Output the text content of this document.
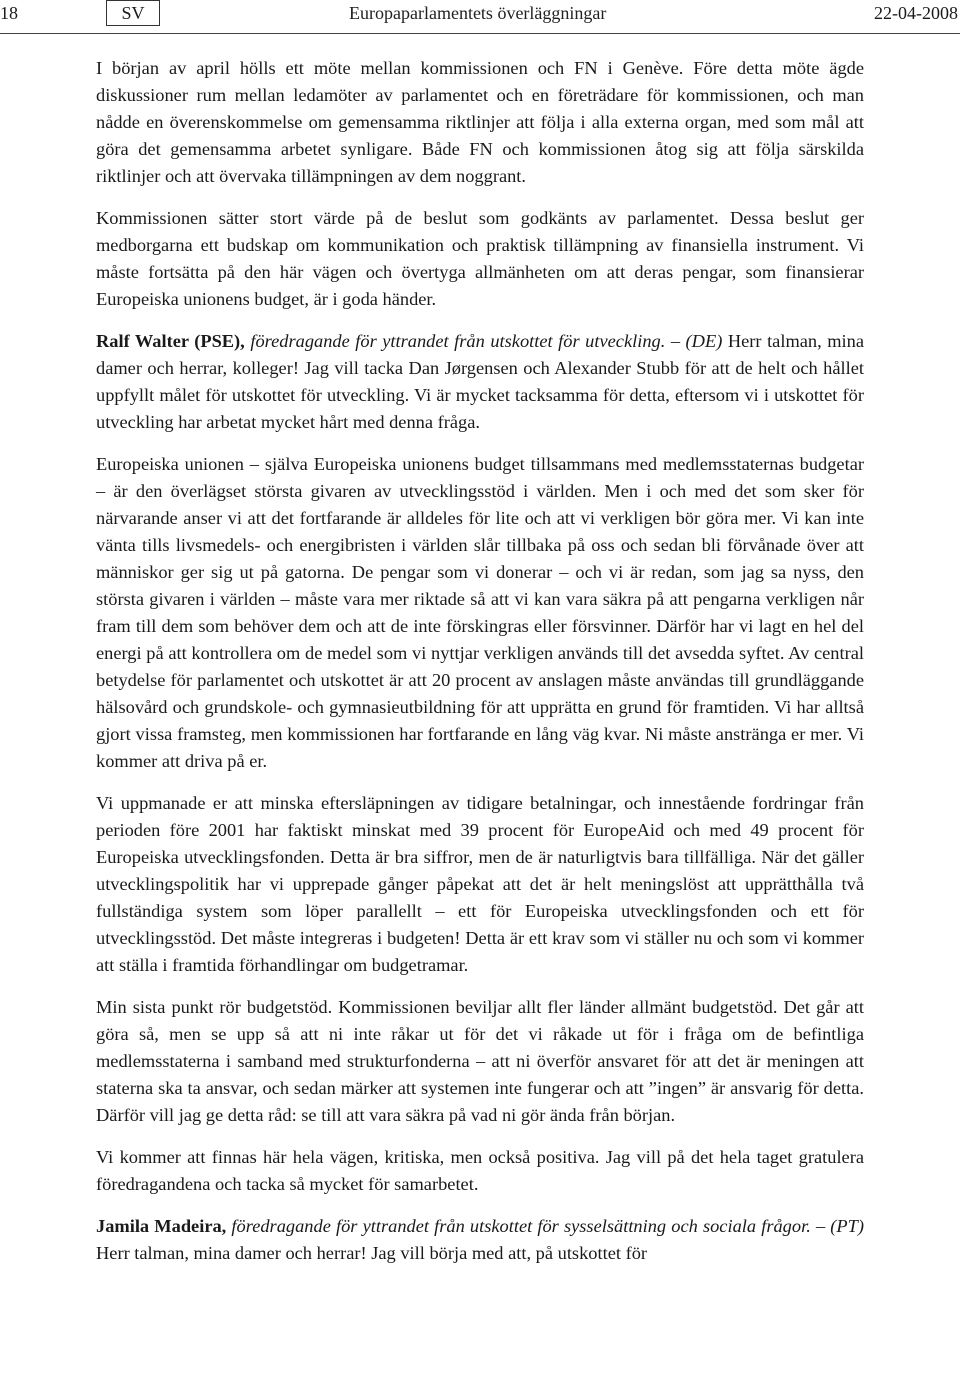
18	SV	Europaparlamentets överläggningar	22-04-2008

I början av april hölls ett möte mellan kommissionen och FN i Genève. Före detta möte ägde diskussioner rum mellan ledamöter av parlamentet och en företrädare för kommissionen, och man nådde en överenskommelse om gemensamma riktlinjer att följa i alla externa organ, med som mål att göra det gemensamma arbetet synligare. Både FN och kommissionen åtog sig att följa särskilda riktlinjer och att övervaka tillämpningen av dem noggrant.

Kommissionen sätter stort värde på de beslut som godkänts av parlamentet. Dessa beslut ger medborgarna ett budskap om kommunikation och praktisk tillämpning av finansiella instrument. Vi måste fortsätta på den här vägen och övertyga allmänheten om att deras pengar, som finansierar Europeiska unionens budget, är i goda händer.

Ralf Walter (PSE), föredragande för yttrandet från utskottet för utveckling. – (DE) Herr talman, mina damer och herrar, kolleger! Jag vill tacka Dan Jørgensen och Alexander Stubb för att de helt och hållet uppfyllt målet för utskottet för utveckling. Vi är mycket tacksamma för detta, eftersom vi i utskottet för utveckling har arbetat mycket hårt med denna fråga.

Europeiska unionen – själva Europeiska unionens budget tillsammans med medlemsstaternas budgetar – är den överlägset största givaren av utvecklingsstöd i världen. Men i och med det som sker för närvarande anser vi att det fortfarande är alldeles för lite och att vi verkligen bör göra mer. Vi kan inte vänta tills livsmedels- och energibristen i världen slår tillbaka på oss och sedan bli förvånade över att människor ger sig ut på gatorna. De pengar som vi donerar – och vi är redan, som jag sa nyss, den största givaren i världen – måste vara mer riktade så att vi kan vara säkra på att pengarna verkligen når fram till dem som behöver dem och att de inte förskingras eller försvinner. Därför har vi lagt en hel del energi på att kontrollera om de medel som vi nyttjar verkligen används till det avsedda syftet. Av central betydelse för parlamentet och utskottet är att 20 procent av anslagen måste användas till grundläggande hälsovård och grundskole- och gymnasieutbildning för att upprätta en grund för framtiden. Vi har alltså gjort vissa framsteg, men kommissionen har fortfarande en lång väg kvar. Ni måste anstränga er mer. Vi kommer att driva på er.

Vi uppmanade er att minska eftersläpningen av tidigare betalningar, och innestående fordringar från perioden före 2001 har faktiskt minskat med 39 procent för EuropeAid och med 49 procent för Europeiska utvecklingsfonden. Detta är bra siffror, men de är naturligtvis bara tillfälliga. När det gäller utvecklingspolitik har vi upprepade gånger påpekat att det är helt meningslöst att upprätthålla två fullständiga system som löper parallellt – ett för Europeiska utvecklingsfonden och ett för utvecklingsstöd. Det måste integreras i budgeten! Detta är ett krav som vi ställer nu och som vi kommer att ställa i framtida förhandlingar om budgetramar.

Min sista punkt rör budgetstöd. Kommissionen beviljar allt fler länder allmänt budgetstöd. Det går att göra så, men se upp så att ni inte råkar ut för det vi råkade ut för i fråga om de befintliga medlemsstaterna i samband med strukturfonderna – att ni överför ansvaret för att det är meningen att staterna ska ta ansvar, och sedan märker att systemen inte fungerar och att ”ingen” är ansvarig för detta. Därför vill jag ge detta råd: se till att vara säkra på vad ni gör ända från början.

Vi kommer att finnas här hela vägen, kritiska, men också positiva. Jag vill på det hela taget gratulera föredragandena och tacka så mycket för samarbetet.

Jamila Madeira, föredragande för yttrandet från utskottet för sysselsättning och sociala frågor. – (PT) Herr talman, mina damer och herrar! Jag vill börja med att, på utskottet för
